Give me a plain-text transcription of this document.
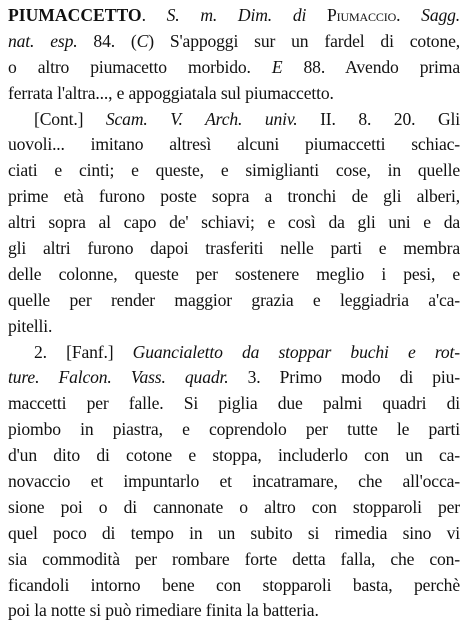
PIUMACCETTO. S. m. Dim. di Piumaccio. Sagg.
nat. esp. 84. (C) S'appoggi sur un fardel di cotone,
o altro piumacetto morbido. E 88. Avendo prima
ferrata l'altra..., e appoggiatala sul piumaccetto.
[Cont.] Scam. V. Arch. univ. II. 8. 20. Gli
uovoli... imitano altresì alcuni piumaccetti schiac-
ciati e cinti; e queste, e simiglianti cose, in quelle
prime età furono poste sopra a tronchi de gli alberi,
altri sopra al capo de' schiavi; e così da gli uni e da
gli altri furono dapoi trasferiti nelle parti e membra
delle colonne, queste per sostenere meglio i pesi, e
quelle per render maggior grazia e leggiadria a'ca-
pitelli.
2. [Fanf.] Guancialetto da stoppar buchi e rot-
ture. Falcon. Vass. quadr. 3. Primo modo di piu-
maccetti per falle. Si piglia due palmi quadri di
piombo in piastra, e coprendolo per tutte le parti
d'un dito di cotone e stoppa, includerlo con un ca-
novaccio et impuntarlo et incatramare, che all'occa-
sione poi o di cannonate o altro con stopparoli per
quel poco di tempo in un subito si rimedia sino vi
sia commodità per rombare forte detta falla, che con-
ficandoli intorno bene con stopparoli basta, perchè
poi la notte si può rimediare finita la batteria.
